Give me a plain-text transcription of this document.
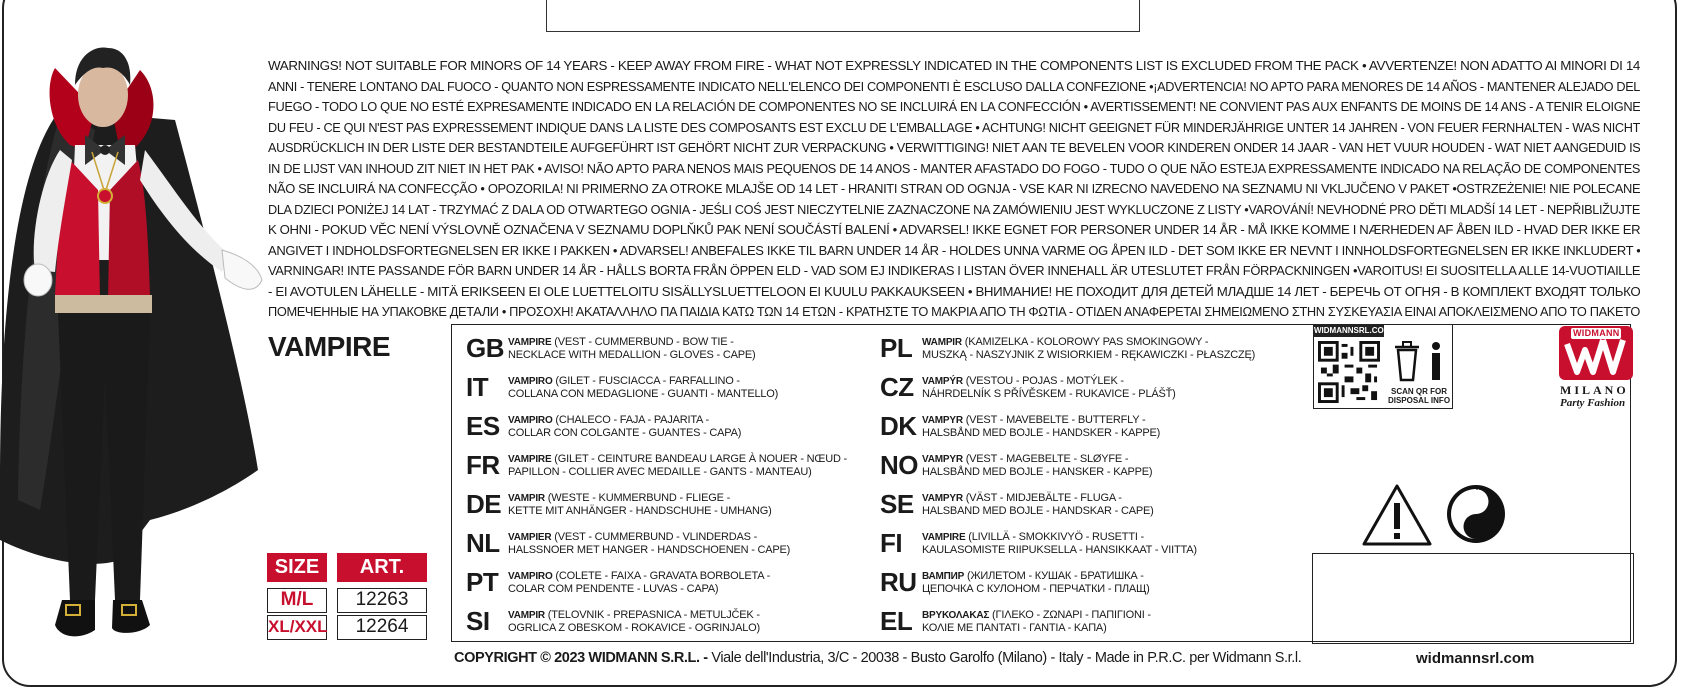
WARNINGS! NOT SUITABLE FOR MINORS OF 14 YEARS - KEEP AWAY FROM FIRE - WHAT NOT EXPRESSLY INDICATED IN THE COMPONENTS LIST IS EXCLUDED FROM THE PACK • AVVERTENZE! NON ADATTO AI MINORI DI 14
ANNI - TENERE LONTANO DAL FUOCO - QUANTO NON ESPRESSAMENTE INDICATO NELL'ELENCO DEI COMPONENTI È ESCLUSO DALLA CONFEZIONE •¡ADVERTENCIA! NO APTO PARA MENORES DE 14 AÑOS - MANTENER ALEJADO DEL
FUEGO - TODO LO QUE NO ESTÉ EXPRESAMENTE INDICADO EN LA RELACIÓN DE COMPONENTES NO SE INCLUIRÁ EN LA CONFECCIÓN • AVERTISSEMENT! NE CONVIENT PAS AUX ENFANTS DE MOINS DE 14 ANS - A TENIR ELOIGNE
DU FEU - CE QUI N'EST PAS EXPRESSEMENT INDIQUE DANS LA LISTE DES COMPOSANTS EST EXCLU DE L'EMBALLAGE • ACHTUNG! NICHT GEEIGNET FÜR MINDERJÄHRIGE UNTER 14 JAHREN - VON FEUER FERNHALTEN - WAS NICHT
AUSDRÜCKLICH IN DER LISTE DER BESTANDTEILE AUFGEFÜHRT IST GEHÖRT NICHT ZUR VERPACKUNG • VERWITTIGING! NIET AAN TE BEVELEN VOOR KINDEREN ONDER 14 JAAR - VAN HET VUUR HOUDEN - WAT NIET AANGEDUID IS
IN DE LIJST VAN INHOUD ZIT NIET IN HET PAK • AVISO! NÃO APTO PARA NENOS MAIS PEQUENOS DE 14 ANOS - MANTER AFASTADO DO FOGO - TUDO O QUE NÃO ESTEJA EXPRESSAMENTE INDICADO NA RELAÇÃO DE COMPONENTES
NÃO SE INCLUIRÁ NA CONFECÇÃO • OPOZORILA! NI PRIMERNO ZA OTROKE MLAJŠE OD 14 LET - HRANITI STRAN OD OGNJA - VSE KAR NI IZRECNO NAVEDENO NA SEZNAMU NI VKLJUČENO V PAKET •OSTRZEŻENIE! NIE POLECANE
DLA DZIECI PONIŻEJ 14 LAT - TRZYMAĆ Z DALA OD OTWARTEGO OGNIA - JEŚLI COŚ JEST NIECZYTELNIE ZAZNACZONE NA ZAMÓWIENIU JEST WYKLUCZONE Z LISTY •VAROVÁNÍ! NEVHODNÉ PRO DĚTI MLADŠÍ 14 LET - NEPŘIBLIŽUJTE
K OHNI - POKUD VĚC NENÍ VÝSLOVNĚ OZNAČENA V SEZNAMU DOPLŇKŮ PAK NENÍ SOUČÁSTÍ BALENÍ • ADVARSEL! IKKE EGNET FOR PERSONER UNDER 14 ÅR - MÅ IKKE KOMME I NÆRHEDEN AF ÅBEN ILD - HVAD DER IKKE ER
ANGIVET I INDHOLDSFORTEGNELSEN ER IKKE I PAKKEN • ADVARSEL! ANBEFALES IKKE TIL BARN UNDER 14 ÅR - HOLDES UNNA VARME OG ÅPEN ILD - DET SOM IKKE ER NEVNT I INNHOLDSFORTEGNELSEN ER IKKE INKLUDERT •
VARNINGAR! INTE PASSANDE FÖR BARN UNDER 14 ÅR - HÅLLS BORTA FRÅN ÖPPEN ELD - VAD SOM EJ INDIKERAS I LISTAN ÖVER INNEHALL ÄR UTESLUTET FRÅN FÖRPACKNINGEN •VAROITUS! EI SUOSITELLA ALLE 14-VUOTIAILLE
- EI AVOTULEN LÄHELLE - MITÄ ERIKSEEN EI OLE LUETTELOITU SISÄLLYSLUETTELOON EI KUULU PAKKAUKSEEN • ВНИМАНИЕ! НЕ ПОХОДИТ ДЛЯ ДЕТЕЙ МЛАДШЕ 14 ЛЕТ - БЕРЕЧЬ ОТ ОГНЯ - В КОМПЛЕКТ ВХОДЯТ ТОЛЬКО
ПОМЕЧЕННЫЕ НА УПАКОВКЕ ДЕТАЛИ • ΠΡΟΣΟΧΗ! ΑΚΑΤΑΛΛΗΛΟ ΠΑ ΠΑΙΔΙΑ ΚΑΤΩ ΤΩΝ 14 ΕΤΩΝ - ΚΡΑΤΗΣΤΕ ΤΟ ΜΑΚΡΙΑ ΑΠΟ ΤΗ ΦΩΤΙΑ - ΟΤΙΔΕΝ ΑΝΑΦΕΡΕΤΑΙ ΣΗΜΕΙΩΜΕΝΟ ΣΤΗΝ ΣΥΣΚΕΥΑΣΙΑ ΕΙΝΑΙ ΑΠΟΚΛΕΙΣΜΕΝΟ ΑΠΟ ΤΟ ΠΑΚΕΤΟ
VAMPIRE
SIZE	ART.
M/L	12263
XL/XXL	12264
GB VAMPIRE (VEST - CUMMERBUND - BOW TIE -
NECKLACE WITH MEDALLION - GLOVES - CAPE)
IT	VAMPIRO (GILET - FUSCIACCA - FARFALLINO -
COLLANA CON MEDAGLIONE - GUANTI - MANTELLO)
ES VAMPIRO (CHALECO - FAJA - PAJARITA -
COLLAR CON COLGANTE - GUANTES - CAPA)
FR VAMPIRE (GILET - CEINTURE BANDEAU LARGE À NOUER - NŒUD -
PAPILLON - COLLIER AVEC MEDAILLE - GANTS - MANTEAU)
DE VAMPIR (WESTE - KUMMERBUND - FLIEGE -
KETTE MIT ANHÄNGER - HANDSCHUHE - UMHANG)
NL VAMPIER (VEST - CUMMERBUND - VLINDERDAS -
HALSSNOER MET HANGER - HANDSCHOENEN - CAPE)
PT VAMPIRO (COLETE - FAIXA - GRAVATA BORBOLETA -
COLAR COM PENDENTE - LUVAS - CAPA)
SI	VAMPIR (TELOVNIK - PREPASNICA - METULJČEK -
OGRLICA Z OBESKOM - ROKAVICE - OGRINJALO)
PL WAMPIR (KAMIZELKA - KOLOROWY PAS SMOKINGOWY -
MUSZKĄ - NASZYJNIK Z WISIORKIEM - RĘKAWICZKI - PŁASZCZĘ)
CZ VAMPÝR (VESTOU - POJAS - MOTÝLEK -
NÁHRDELNÍK S PŘÍVĚSKEM - RUKAVICE - PLÁŠŤ)
DK VAMPYR (VEST - MAVEBELTE - BUTTERFLY -
HALSBÅND MED BOJLE - HANDSKER - KAPPE)
NO VAMPYR (VEST - MAGEBELTE - SLØYFE -
HALSBÅND MED BOJLE - HANSKER - KAPPE)
SE VAMPYR (VÄST - MIDJEBÄLTE - FLUGA -
HALSBAND MED BOJLE - HANDSKAR - CAPE)
FI	VAMPIRE (LIVILLÄ - SMOKKIVYÖ - RUSETTI -
KAULASOMISTE RIIPUKSELLA - HANSIKKAAT - VIITTA)
RU ВАМПИР (ЖИЛЕТОМ - КУШАК - БРАТИШКА -
ЦЕПОЧКА С КУЛОНОМ - ПЕРЧАТКИ - ПЛАЩ)
EL ΒΡΥΚΟΛΑΚΑΣ (ΓΙΛΕΚΟ - ΖΩΝΑΡΙ - ΠΑΠΙΓΙΟΝΙ -
ΚΟΛΙΕ ΜΕ ΠΑΝΤΑΤΙ - ΓΑΝΤΙΑ - ΚΑΠΑ)
WIDMANNSRL.COM
SCAN QR FOR
DISPOSAL INFO
WIDMANN
MILANO
Party Fashion
COPYRIGHT © 2023 WIDMANN S.R.L. - Viale dell'Industria, 3/C - 20038 - Busto Garolfo (Milano) - Italy - Made in P.R.C. per Widmann S.r.l.	widmannsrl.com
